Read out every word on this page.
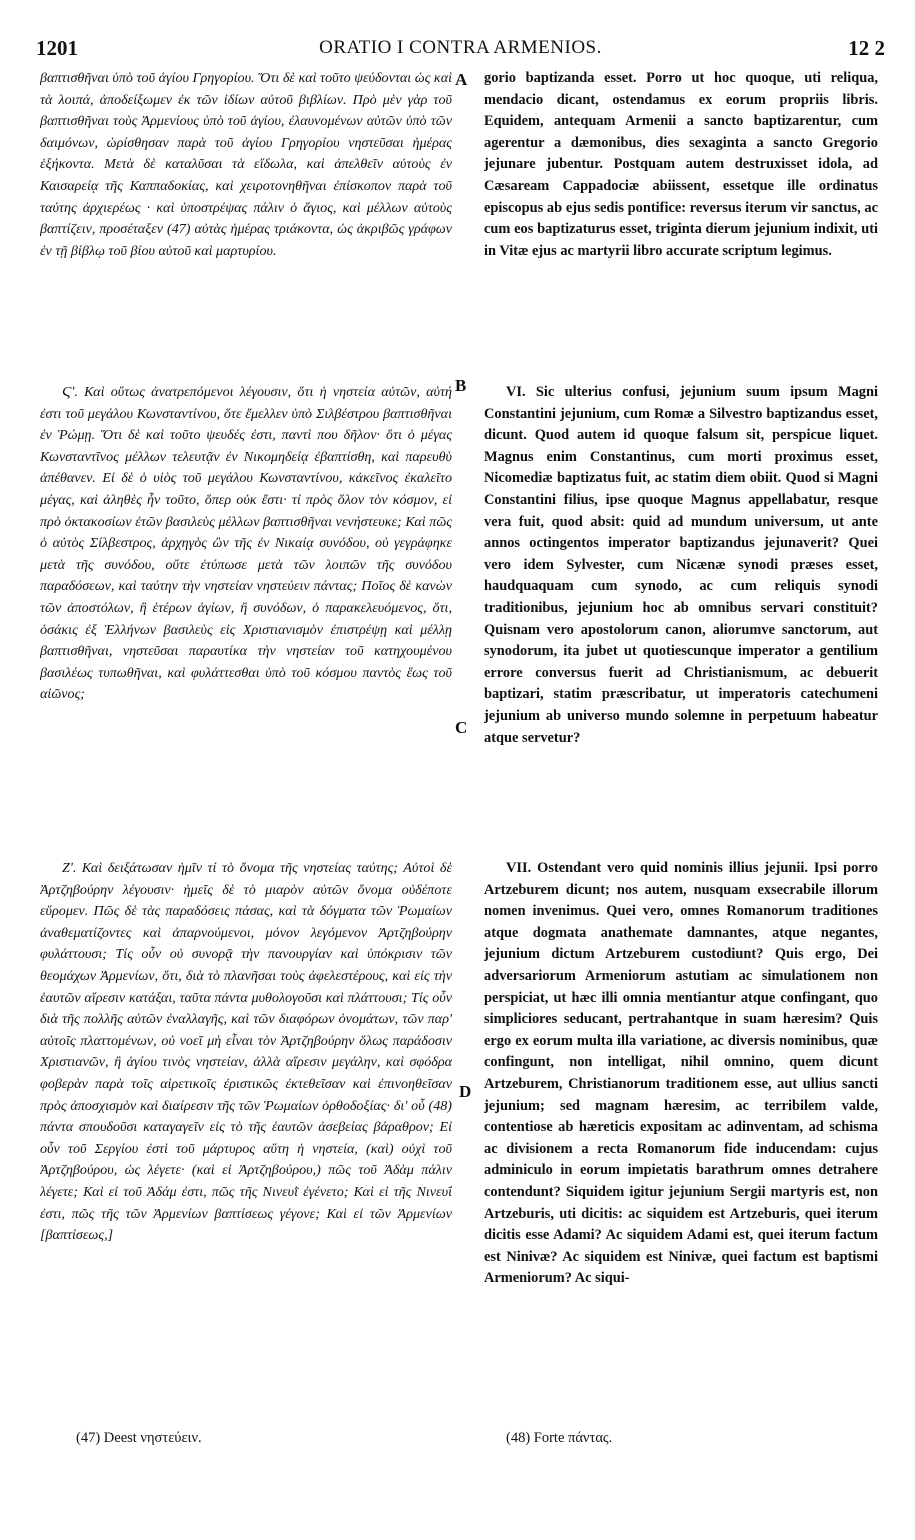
1201	ORATIO I CONTRA ARMENIOS.	12 2

βαπτισθῆναι ὑπὸ τοῦ ἁγίου Γρηγορίου. Ὅτι δὲ καὶ τοῦτο ψεύδονται ὡς καὶ τὰ λοιπά, ἀποδείξωμεν ἐκ τῶν ἰδίων αὐτοῦ βιβλίων. Πρὸ μὲν γὰρ τοῦ βαπτισθῆναι τοὺς Ἀρμενίους ὑπὸ τοῦ ἁγίου, ἐλαυνομένων αὐτῶν ὑπὸ τῶν δαιμόνων, ὡρίσθησαν παρὰ τοῦ ἁγίου Γρηγορίου νηστεῦσαι ἡμέρας ἑξήκοντα. Μετὰ δὲ καταλῦσαι τὰ εἴδωλα, καὶ ἀπελθεῖν αὐτοὺς ἐν Καισαρείᾳ τῆς Καππαδοκίας, καὶ χειροτονηθῆναι ἐπίσκοπον παρὰ τοῦ ταύτης ἀρχιερέως · καὶ ὑποστρέψας πάλιν ὁ ἅγιος, καὶ μέλλων αὐτοὺς βαπτίζειν, προσέταξεν (47) αὐτὰς ἡμέρας τριάκοντα, ὡς ἀκριβῶς γράφων ἐν τῇ βίβλῳ τοῦ βίου αὐτοῦ καὶ μαρτυρίου.

Ϛʹ. Καὶ οὕτως ἀνατρεπόμενοι λέγουσιν, ὅτι ἡ νηστεία αὐτῶν, αὐτή ἐστι τοῦ μεγάλου Κωνσταντίνου, ὅτε ἔμελλεν ὑπὸ Σιλβέστρου βαπτισθῆναι ἐν Ῥώμῃ. Ὅτι δὲ καὶ τοῦτο ψευδές ἐστι, παντὶ που δῆλον· ὅτι ὁ μέγας Κωνσταντῖνος μέλλων τελευτᾷν ἐν Νικομηδείᾳ ἐβαπτίσθη, καὶ παρευθὺ ἀπέθανεν. Εἰ δὲ ὁ υἱὸς τοῦ μεγάλου Κωνσταντίνου, κἀκεῖνος ἐκαλεῖτο μέγας, καὶ ἀληθὲς ἦν τοῦτο, ὅπερ οὐκ ἔστι· τί πρὸς ὅλον τὸν κόσμον, εἰ πρὸ ὀκτακοσίων ἐτῶν βασιλεὺς μέλλων βαπτισθῆναι νενήστευκε; Καὶ πῶς ὁ αὐτὸς Σίλβεστρος, ἀρχηγὸς ὢν τῆς ἐν Νικαίᾳ συνόδου, οὐ γεγράφηκε μετὰ τῆς συνόδου, οὔτε ἐτύπωσε μετὰ τῶν λοιπῶν τῆς συνόδου παραδόσεων, καὶ ταύτην τὴν νηστείαν νηστεύειν πάντας; Ποῖος δὲ κανὼν τῶν ἀποστόλων, ἢ ἑτέρων ἁγίων, ἢ συνόδων, ὁ παρακελευόμενος, ὅτι, ὁσάκις ἐξ Ἑλλήνων βασιλεὺς εἰς Χριστιανισμὸν ἐπιστρέψῃ καὶ μέλλῃ βαπτισθῆναι, νηστεῦσαι παραυτίκα τὴν νηστείαν τοῦ κατηχουμένου βασιλέως τυπωθῆναι, καὶ φυλάττεσθαι ὑπὸ τοῦ κόσμου παντὸς ἕως τοῦ αἰῶνος;

Ζʹ. Καὶ δειξάτωσαν ἡμῖν τί τὸ ὄνομα τῆς νηστείας ταύτης; Αὐτοὶ δὲ Ἀρτζηβούρην λέγουσιν· ἡμεῖς δὲ τὸ μιαρὸν αὐτῶν ὄνομα οὐδέποτε εὕρομεν. Πῶς δὲ τὰς παραδόσεις πάσας, καὶ τὰ δόγματα τῶν Ῥωμαίων ἀναθεματίζοντες καὶ ἀπαρνούμενοι, μόνον λεγόμενον Ἀρτζηβούρην φυλάττουσι; Τίς οὖν οὐ συνορᾷ τὴν πανουργίαν καὶ ὑπόκρισιν τῶν θεομάχων Ἀρμενίων, ὅτι, διὰ τὸ πλανῆσαι τοὺς ἀφελεστέρους, καὶ εἰς τὴν ἑαυτῶν αἵρεσιν κατάξαι, ταῦτα πάντα μυθολογοῦσι καὶ πλάττουσι; Τίς οὖν διὰ τῆς πολλῆς αὐτῶν ἐναλλαγῆς, καὶ τῶν διαφόρων ὀνομάτων, τῶν παρ' αὐτοῖς πλαττομένων, οὐ νοεῖ μὴ εἶναι τὸν Ἀρτζηβούρην ὅλως παράδοσιν Χριστιανῶν, ἢ ἁγίου τινὸς νηστείαν, ἀλλὰ αἵρεσιν μεγάλην, καὶ σφόδρα φοβερὰν παρὰ τοῖς αἱρετικοῖς ἐριστικῶς ἐκτεθεῖσαν καὶ ἐπινοηθεῖσαν πρὸς ἀποσχισμὸν καὶ διαίρεσιν τῆς τῶν Ῥωμαίων ὀρθοδοξίας· δι' οὗ (48) πάντα σπουδοῦσι καταγαγεῖν εἰς τὸ τῆς ἑαυτῶν ἀσεβείας βάραθρον; Εἰ οὖν τοῦ Σεργίου ἐστὶ τοῦ μάρτυρος αὕτη ἡ νηστεία, (καὶ) οὐχὶ τοῦ Ἀρτζηβούρου, ὡς λέγετε· (καὶ εἰ Ἀρτζηβούρου,) πῶς τοῦ Ἀδὰμ πάλιν λέγετε; Καὶ εἰ τοῦ Ἀδάμ ἐστι, πῶς τῆς Νινευῒ ἐγένετο; Καὶ εἰ τῆς Νινευΐ ἐστι, πῶς τῆς τῶν Ἀρμενίων βαπτίσεως γέγονε; Καὶ εἰ τῶν Ἀρμενίων [βαπτίσεως,]

gorio baptizanda esset. Porro ut hoc quoque, uti reliqua, mendacio dicant, ostendamus ex eorum propriis libris. Equidem, antequam Armenii a sancto baptizarentur, cum agerentur a dæmonibus, dies sexaginta a sancto Gregorio jejunare jubentur. Postquam autem destruxisset idola, ad Cæsaream Cappadociæ abiissent, essetque ille ordinatus episcopus ab ejus sedis pontifice: reversus iterum vir sanctus, ac cum eos baptizaturus esset, triginta dierum jejunium indixit, uti in Vitæ ejus ac martyrii libro accurate scriptum legimus.

VI. Sic ulterius confusi, jejunium suum ipsum Magni Constantini jejunium, cum Romæ a Silvestro baptizandus esset, dicunt. Quod autem id quoque falsum sit, perspicue liquet. Magnus enim Constantinus, cum morti proximus esset, Nicomediæ baptizatus fuit, ac statim diem obiit. Quod si Magni Constantini filius, ipse quoque Magnus appellabatur, resque vera fuit, quod absit: quid ad mundum universum, ut ante annos octingentos imperator baptizandus jejunaverit? Quei vero idem Sylvester, cum Nicænæ synodi præses esset, haudquaquam cum synodo, ac cum reliquis synodi traditionibus, jejunium hoc ab omnibus servari constituit? Quisnam vero apostolorum canon, aliorumve sanctorum, aut synodorum, ita jubet ut quotiescunque imperator a gentilium errore conversus fuerit ad Christianismum, ac debuerit baptizari, statim præscribatur, ut imperatoris catechumeni jejunium ab universo mundo solemne in perpetuum habeatur atque servetur?

VII. Ostendant vero quid nominis illius jejunii. Ipsi porro Artzeburem dicunt; nos autem, nusquam exsecrabile illorum nomen invenimus. Quei vero, omnes Romanorum traditiones atque dogmata anathemate damnantes, atque negantes, jejunium dictum Artzeburem custodiunt? Quis ergo, Dei adversariorum Armeniorum astutiam ac simulationem non perspiciat, ut hæc illi omnia mentiantur atque confingant, quo simpliciores seducant, pertrahantque in suam hæresim? Quis ergo ex eorum multa illa variatione, ac diversis nominibus, quæ confingunt, non intelligat, nihil omnino, quem dicunt Artzeburem, Christianorum traditionem esse, aut ullius sancti jejunium; sed magnam hæresim, ac terribilem valde, contentiose ab hæreticis expositam ac adinventam, ad schisma ac divisionem a recta Romanorum fide inducendam: cujus adminiculo in eorum impietatis barathrum omnes detrahere contendunt? Siquidem igitur jejunium Sergii martyris est, non Artzeburis, uti dicitis: ac siquidem est Artzeburis, quei iterum dicitis esse Adami? Ac siquidem Adami est, quei iterum factum est Ninivæ? Ac siquidem est Ninivæ, quei factum est baptismi Armeniorum? Ac siqui-

A
B
C
D
(47) Deest νηστεύειν.	(48) Forte πάντας.
